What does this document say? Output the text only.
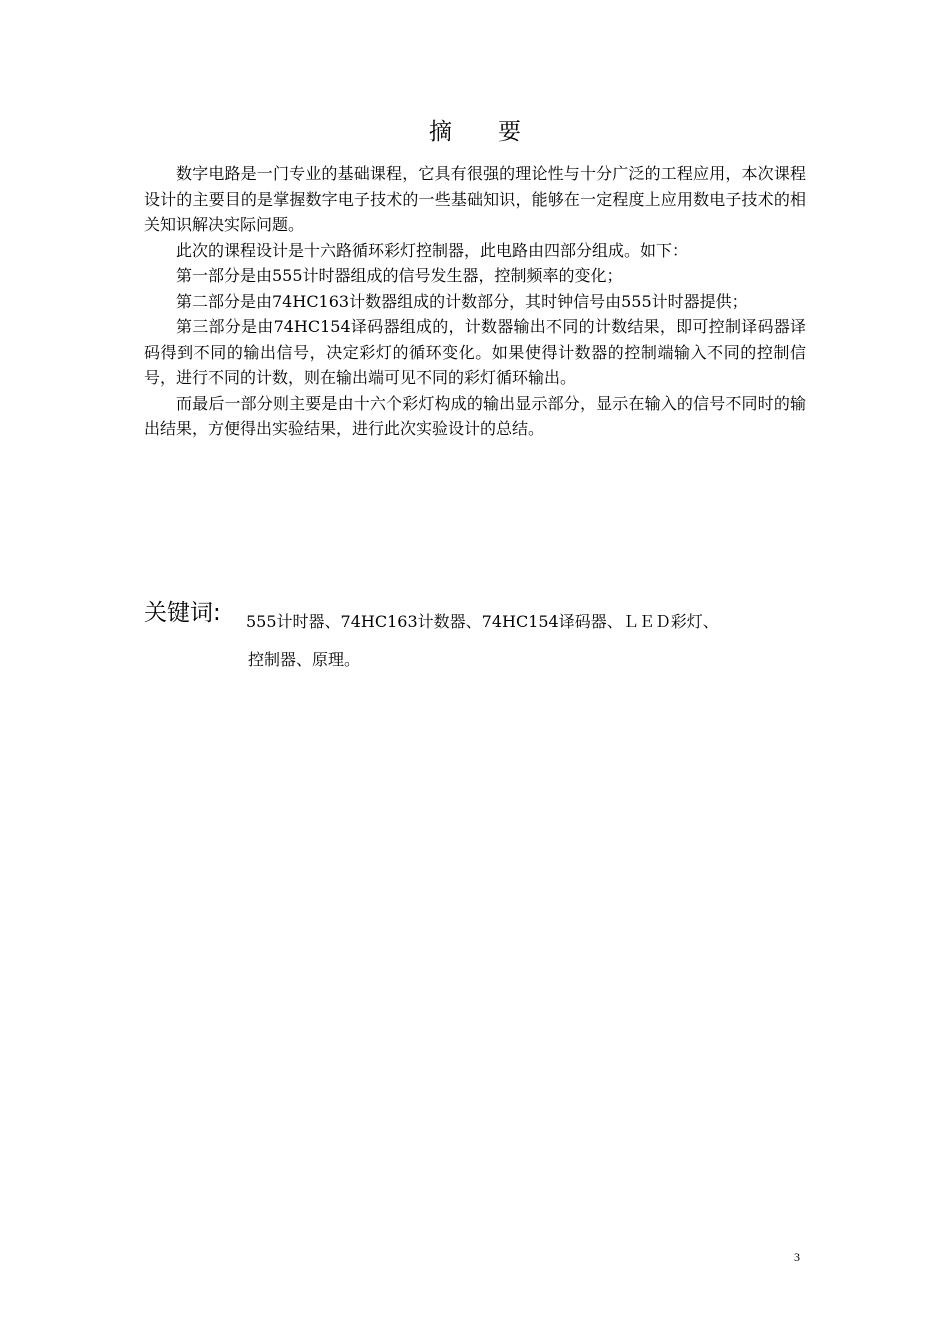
摘 要

数字电路是一门专业的基础课程，它具有很强的理论性与十分广泛的工程应用，本次课程设计的主要目的是掌握数字电子技术的一些基础知识，能够在一定程度上应用数电子技术的相关知识解决实际问题。

此次的课程设计是十六路循环彩灯控制器，此电路由四部分组成。如下：

第一部分是由555计时器组成的信号发生器，控制频率的变化；

第二部分是由74HC163计数器组成的计数部分，其时钟信号由555计时器提供；

第三部分是由74HC154译码器组成的，计数器输出不同的计数结果，即可控制译码器译码得到不同的输出信号，决定彩灯的循环变化。如果使得计数器的控制端输入不同的控制信号，进行不同的计数，则在输出端可见不同的彩灯循环输出。

而最后一部分则主要是由十六个彩灯构成的输出显示部分，显示在输入的信号不同时的输出结果，方便得出实验结果，进行此次实验设计的总结。

关键词: 555计时器、74HC163计数器、74HC154译码器、ＬＥＤ彩灯、
控制器、原理。
3
